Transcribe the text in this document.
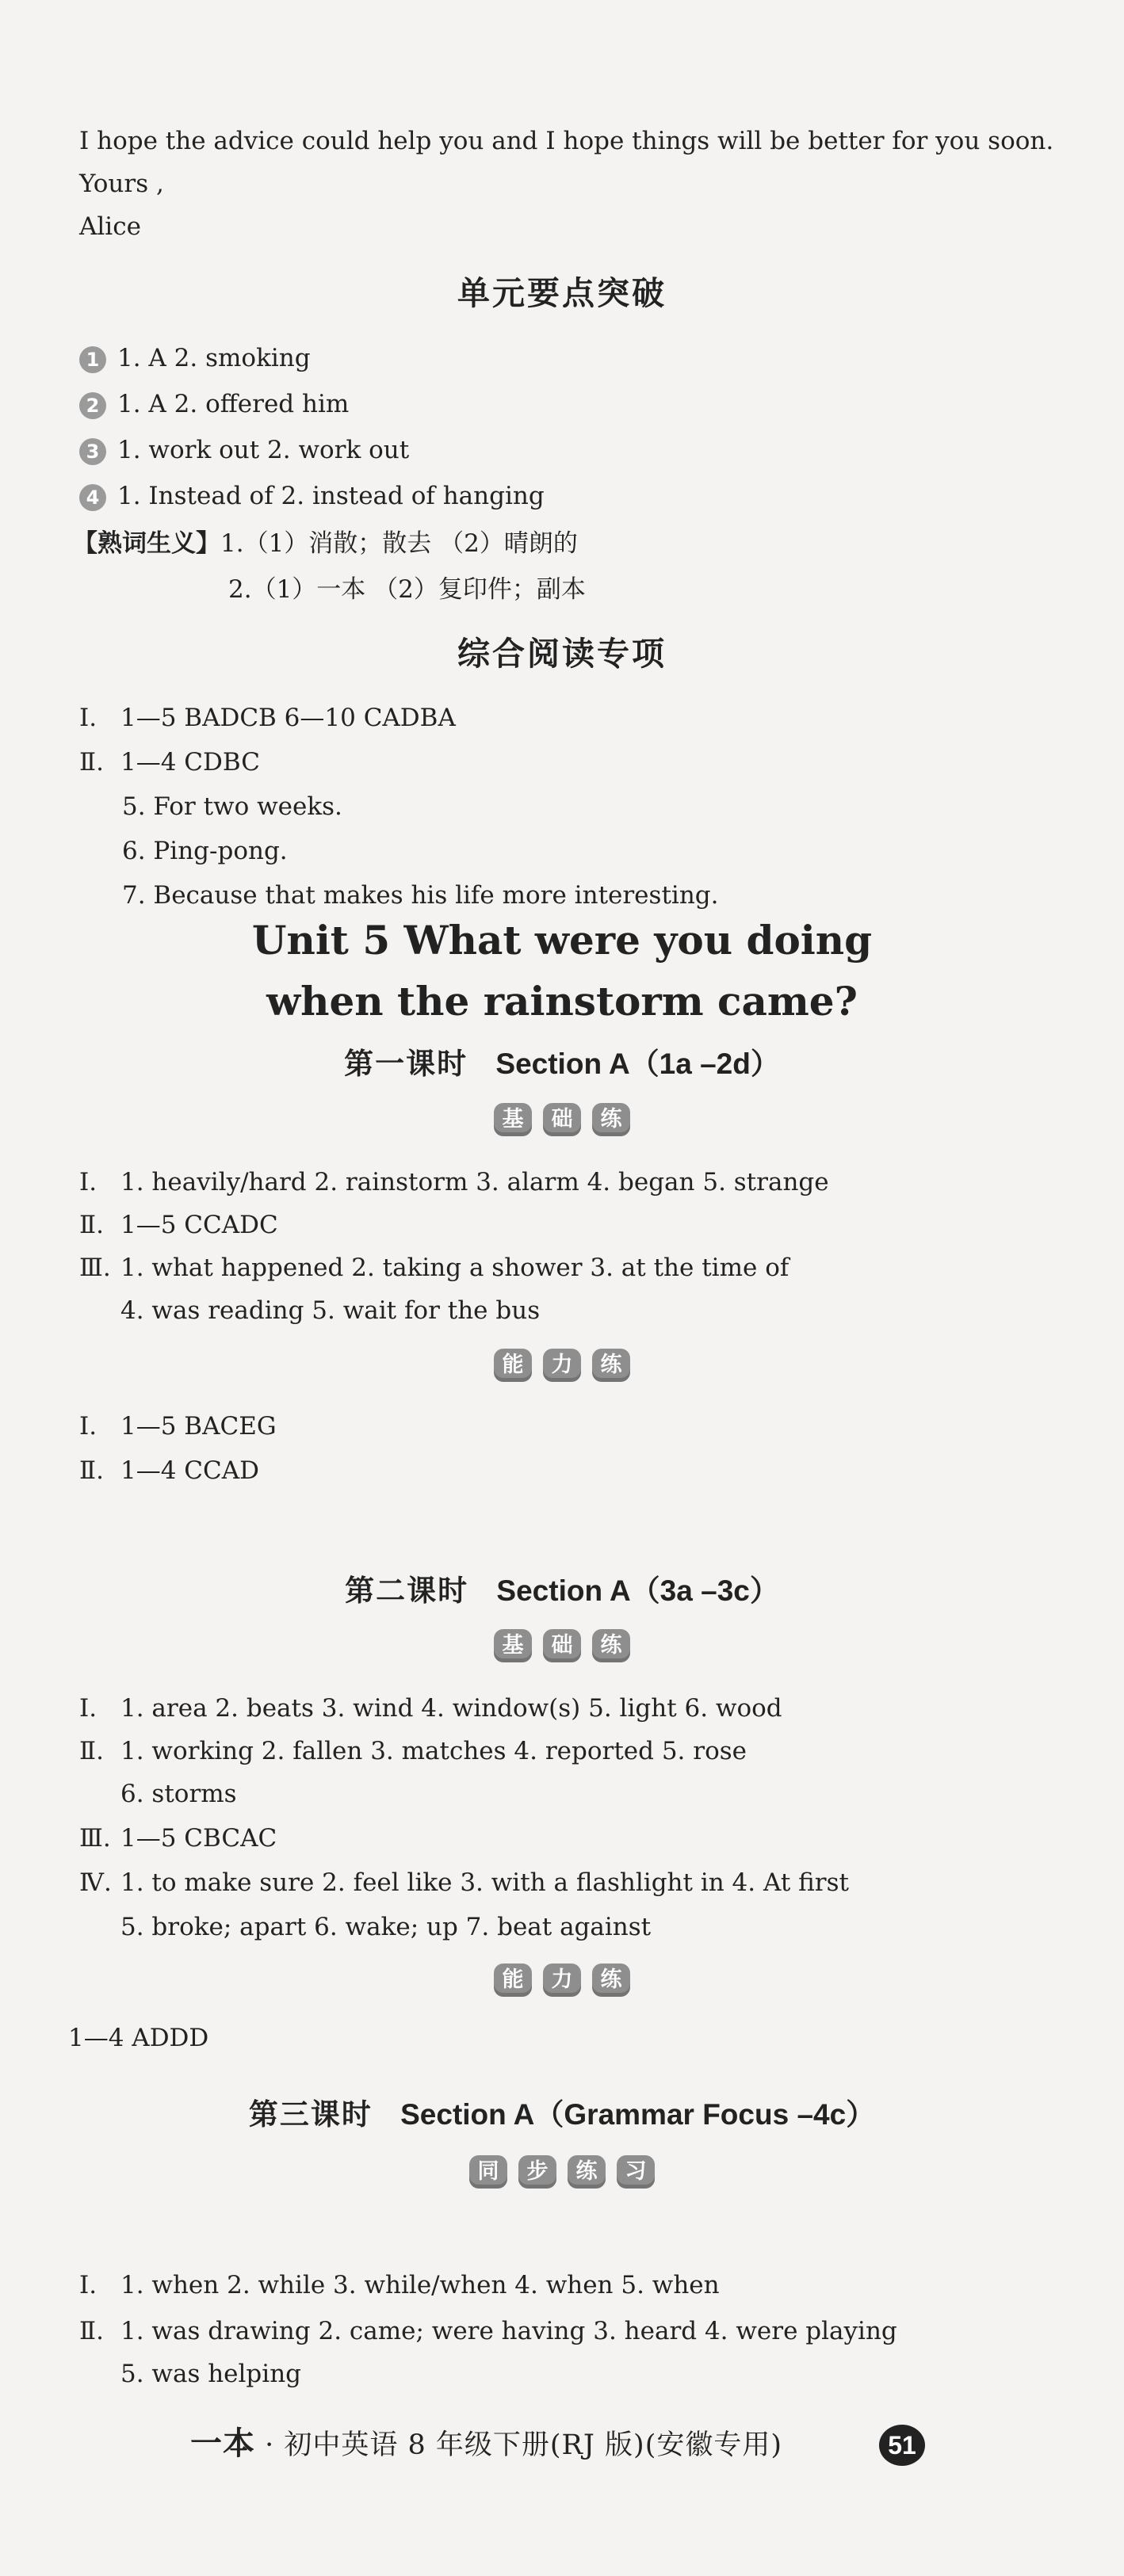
I hope the advice could help you and I hope things will be better for you soon.
Yours ,
Alice
单元要点突破
1 1. A 2. smoking
2 1. A 2. offered him
3 1. work out 2. work out
4 1. Instead of 2. instead of hanging
【熟词生义】1.（1）消散；散去 （2）晴朗的
2.（1）一本 （2）复印件；副本
综合阅读专项
Ⅰ. 1—5 BADCB 6—10 CADBA
Ⅱ. 1—4 CDBC
5. For two weeks.
6. Ping-pong.
7. Because that makes his life more interesting.
Unit 5 What were you doing
when the rainstorm came?
第一课时 Section A（1a –2d）
基	础	练
Ⅰ. 1. heavily/hard 2. rainstorm 3. alarm 4. began 5. strange
Ⅱ. 1—5 CCADC
Ⅲ. 1. what happened 2. taking a shower 3. at the time of
4. was reading 5. wait for the bus
能	力	练
Ⅰ. 1—5 BACEG
Ⅱ. 1—4 CCAD
第二课时 Section A（3a –3c）
基	础	练
Ⅰ. 1. area 2. beats 3. wind 4. window(s) 5. light 6. wood
Ⅱ. 1. working 2. fallen 3. matches 4. reported 5. rose
6. storms
Ⅲ. 1—5 CBCAC
Ⅳ. 1. to make sure 2. feel like 3. with a flashlight in 4. At first
5. broke; apart 6. wake; up 7. beat against
能	力	练
1—4 ADDD
第三课时 Section A（Grammar Focus –4c）
同	步	练	习
Ⅰ. 1. when 2. while 3. while/when 4. when 5. when
Ⅱ. 1. was drawing 2. came; were having 3. heard 4. were playing
5. was helping
一本 · 初中英语 8 年级下册(RJ 版)(安徽专用)	51
